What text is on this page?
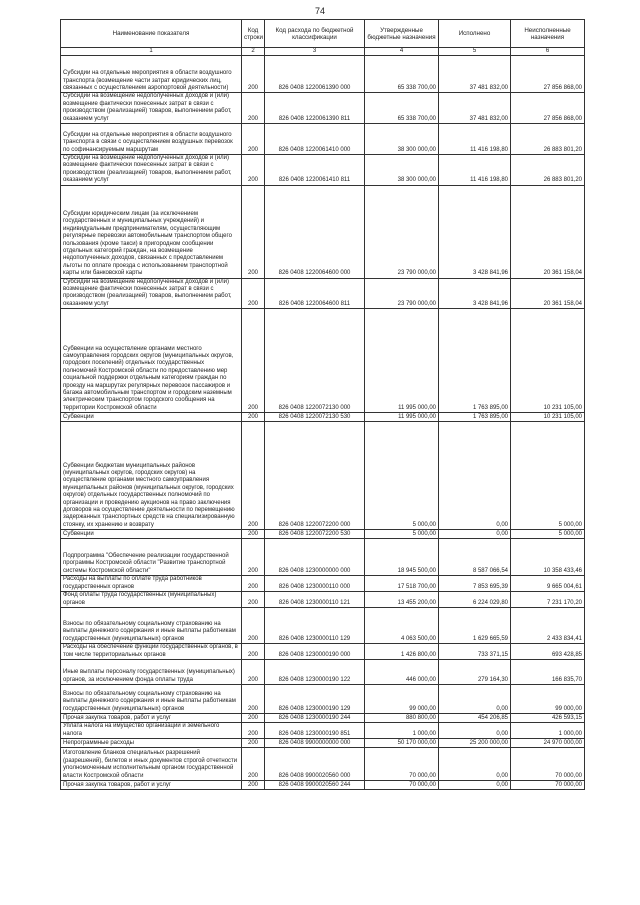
74
Наименование показателя	Код строки	Код расхода по бюджетной классификации	Утвержденные бюджетные назначения	Исполнено	Неисполненные назначения
1	2	3	4	5	6
Субсидии на отдельные мероприятия в области воздушного транспорта (возмещение части затрат юридических лиц, связанных с осуществлением аэропортовой деятельности)	200	826 0408 1220061390 000	65 338 700,00	37 481 832,00	27 856 868,00
Субсидии на возмещение недополученных доходов и (или) возмещение фактически понесенных затрат в связи с производством (реализацией) товаров, выполнением работ, оказанием услуг	200	826 0408 1220061390 811	65 338 700,00	37 481 832,00	27 856 868,00
Субсидии на отдельные мероприятия в области воздушного транспорта в связи с осуществлением воздушных перевозок по софинансируемым маршрутам	200	826 0408 1220061410 000	38 300 000,00	11 416 198,80	26 883 801,20
Субсидии на возмещение недополученных доходов и (или) возмещение фактически понесенных затрат в связи с производством (реализацией) товаров, выполнением работ, оказанием услуг	200	826 0408 1220061410 811	38 300 000,00	11 416 198,80	26 883 801,20
Субсидии юридическим лицам (за исключением государственных и муниципальных учреждений) и индивидуальным предпринимателям, осуществляющим регулярные перевозки автомобильным транспортом общего пользования (кроме такси) в пригородном сообщении отдельных категорий граждан, на возмещение недополученных доходов, связанных с предоставлением льготы по оплате проезда с использованием транспортной карты или банковской карты	200	826 0408 1220064600 000	23 790 000,00	3 428 841,96	20 361 158,04
Субсидии на возмещение недополученных доходов и (или) возмещение фактически понесенных затрат в связи с производством (реализацией) товаров, выполнением работ, оказанием услуг	200	826 0408 1220064600 811	23 790 000,00	3 428 841,96	20 361 158,04
Субвенции на осуществление органами местного самоуправления городских округов (муниципальных округов, городских поселений) отдельных государственных полномочий Костромской области по предоставлению мер социальной поддержки отдельным категориям граждан по проезду на маршрутах регулярных перевозок пассажиров и багажа автомобильным транспортом и городским наземным электрическим транспортом городского сообщения на территории Костромской области	200	826 0408 1220072130 000	11 995 000,00	1 763 895,00	10 231 105,00
Субвенции	200	826 0408 1220072130 530	11 995 000,00	1 763 895,00	10 231 105,00
Субвенции бюджетам муниципальных районов (муниципальных округов, городских округов) на осуществление органами местного самоуправления муниципальных районов (муниципальных округов, городских округов) отдельных государственных полномочий по организации и проведению аукционов на право заключения договоров на осуществление деятельности по перемещению задержанных транспортных средств на специализированную стоянку, их хранению и возврату	200	826 0408 1220072200 000	5 000,00	0,00	5 000,00
Субвенции	200	826 0408 1220072200 530	5 000,00	0,00	5 000,00
Подпрограмма "Обеспечение реализации государственной программы Костромской области "Развитие транспортной системы Костромской области"	200	826 0408 1230000000 000	18 945 500,00	8 587 066,54	10 358 433,46
Расходы на выплаты по оплате труда работников государственных органов	200	826 0408 1230000110 000	17 518 700,00	7 853 695,39	9 665 004,61
Фонд оплаты труда государственных (муниципальных) органов	200	826 0408 1230000110 121	13 455 200,00	6 224 029,80	7 231 170,20
Взносы по обязательному социальному страхованию на выплаты денежного содержания и иные выплаты работникам государственных (муниципальных) органов	200	826 0408 1230000110 129	4 063 500,00	1 629 665,59	2 433 834,41
Расходы на обеспечение функций государственных органов, в том числе территориальных органов	200	826 0408 1230000190 000	1 426 800,00	733 371,15	693 428,85
Иные выплаты персоналу государственных (муниципальных) органов, за исключением фонда оплаты труда	200	826 0408 1230000190 122	446 000,00	279 164,30	166 835,70
Взносы по обязательному социальному страхованию на выплаты денежного содержания и иные выплаты работникам государственных (муниципальных) органов	200	826 0408 1230000190 129	99 000,00	0,00	99 000,00
Прочая закупка товаров, работ и услуг	200	826 0408 1230000190 244	880 800,00	454 206,85	426 593,15
Уплата налога на имущество организаций и земельного налога	200	826 0408 1230000190 851	1 000,00	0,00	1 000,00
Непрограммные расходы	200	826 0408 9900000000 000	50 170 000,00	25 200 000,00	24 970 000,00
Изготовление бланков специальных разрешений (разрешений), билетов и иных документов строгой отчетности уполномоченным исполнительным органом государственной власти Костромской области	200	826 0408 9900020560 000	70 000,00	0,00	70 000,00
Прочая закупка товаров, работ и услуг	200	826 0408 9900020560 244	70 000,00	0,00	70 000,00
